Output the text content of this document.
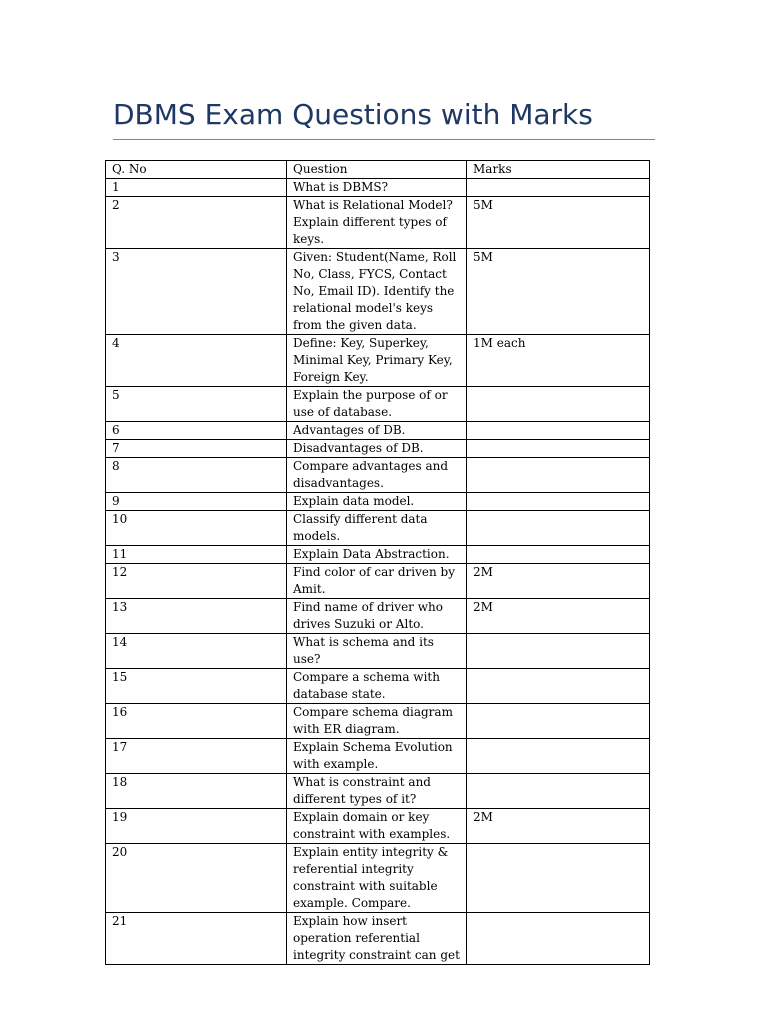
DBMS Exam Questions with Marks
Q. No	Question	Marks
1	What is DBMS?	
2	What is Relational Model? Explain different types of keys.	5M
3	Given: Student(Name, Roll No, Class, FYCS, Contact No, Email ID). Identify the relational model's keys from the given data.	5M
4	Define: Key, Superkey, Minimal Key, Primary Key, Foreign Key.	1M each
5	Explain the purpose of or use of database.	
6	Advantages of DB.	
7	Disadvantages of DB.	
8	Compare advantages and disadvantages.	
9	Explain data model.	
10	Classify different data models.	
11	Explain Data Abstraction.	
12	Find color of car driven by Amit.	2M
13	Find name of driver who drives Suzuki or Alto.	2M
14	What is schema and its use?	
15	Compare a schema with database state.	
16	Compare schema diagram with ER diagram.	
17	Explain Schema Evolution with example.	
18	What is constraint and different types of it?	
19	Explain domain or key constraint with examples.	2M
20	Explain entity integrity & referential integrity constraint with suitable example. Compare.	
21	Explain how insert operation referential integrity constraint can get	
